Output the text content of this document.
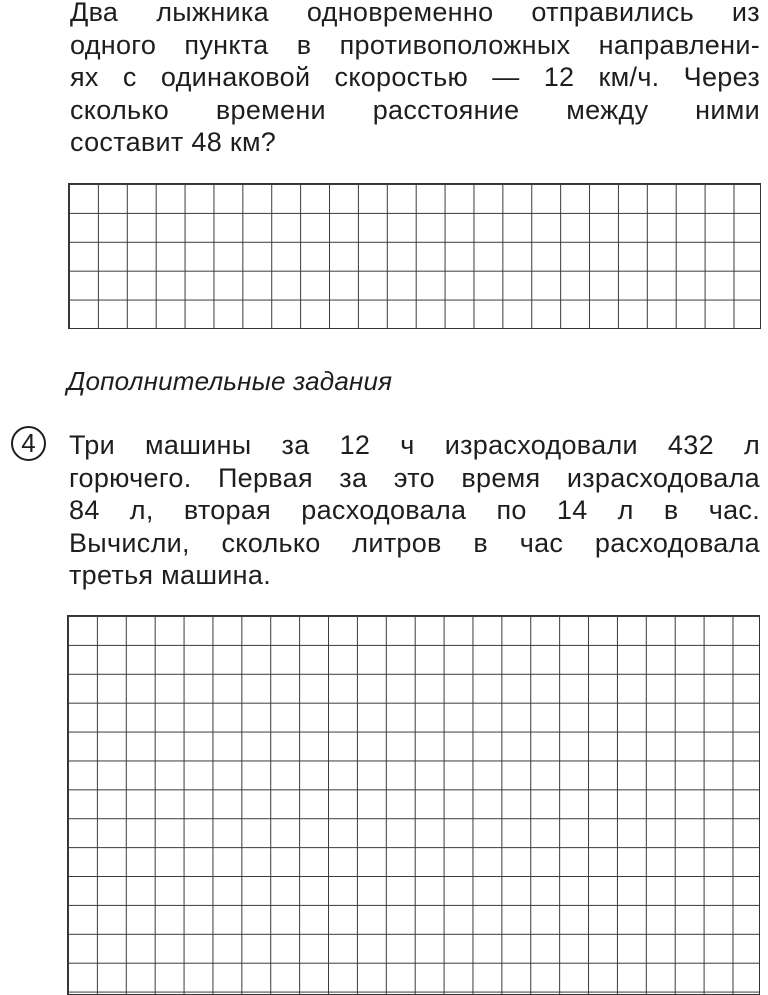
Два лыжника одновременно отправились из
одного пункта в противоположных направлени-
ях с одинаковой скоростью — 12 км/ч. Через
сколько времени расстояние между ними
составит 48 км?
Дополнительные задания
4	Три машины за 12 ч израсходовали 432 л
горючего. Первая за это время израсходовала
84 л, вторая расходовала по 14 л в час.
Вычисли, сколько литров в час расходовала
третья машина.
